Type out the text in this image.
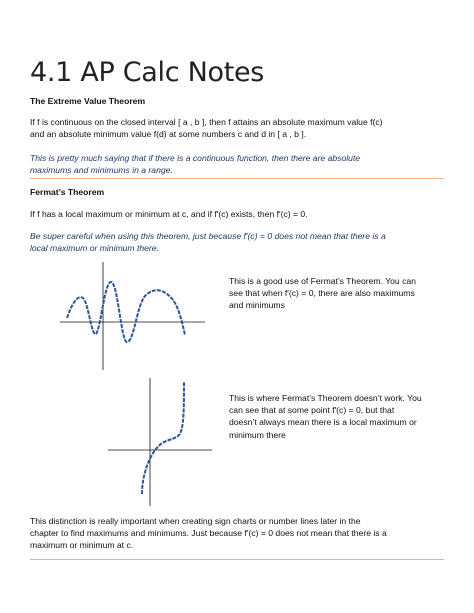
4.1 AP Calc Notes
The Extreme Value Theorem
If f is continuous on the closed interval [ a , b ], then f attains an absolute maximum value f(c)
and an absolute minimum value f(d) at some numbers c and d in [ a , b ].
This is pretty much saying that if there is a continuous function, then there are absolute
maximums and minimums in a range.
Fermat’s Theorem
If f has a local maximum or minimum at c, and if f′(c) exists, then f′(c) = 0.
Be super careful when using this theorem, just because f′(c) = 0 does not mean that there is a
local maximum or minimum there.
This is a good use of Fermat’s Theorem. You can
see that when f′(c) = 0, there are also maximums
and minimums
This is where Fermat’s Theorem doesn’t work. You
can see that at some point f′(c) = 0, but that
doesn’t always mean there is a local maximum or
minimum there
This distinction is really important when creating sign charts or number lines later in the
chapter to find maximums and minimums. Just because f′(c) = 0 does not mean that there is a
maximum or minimum at c.
